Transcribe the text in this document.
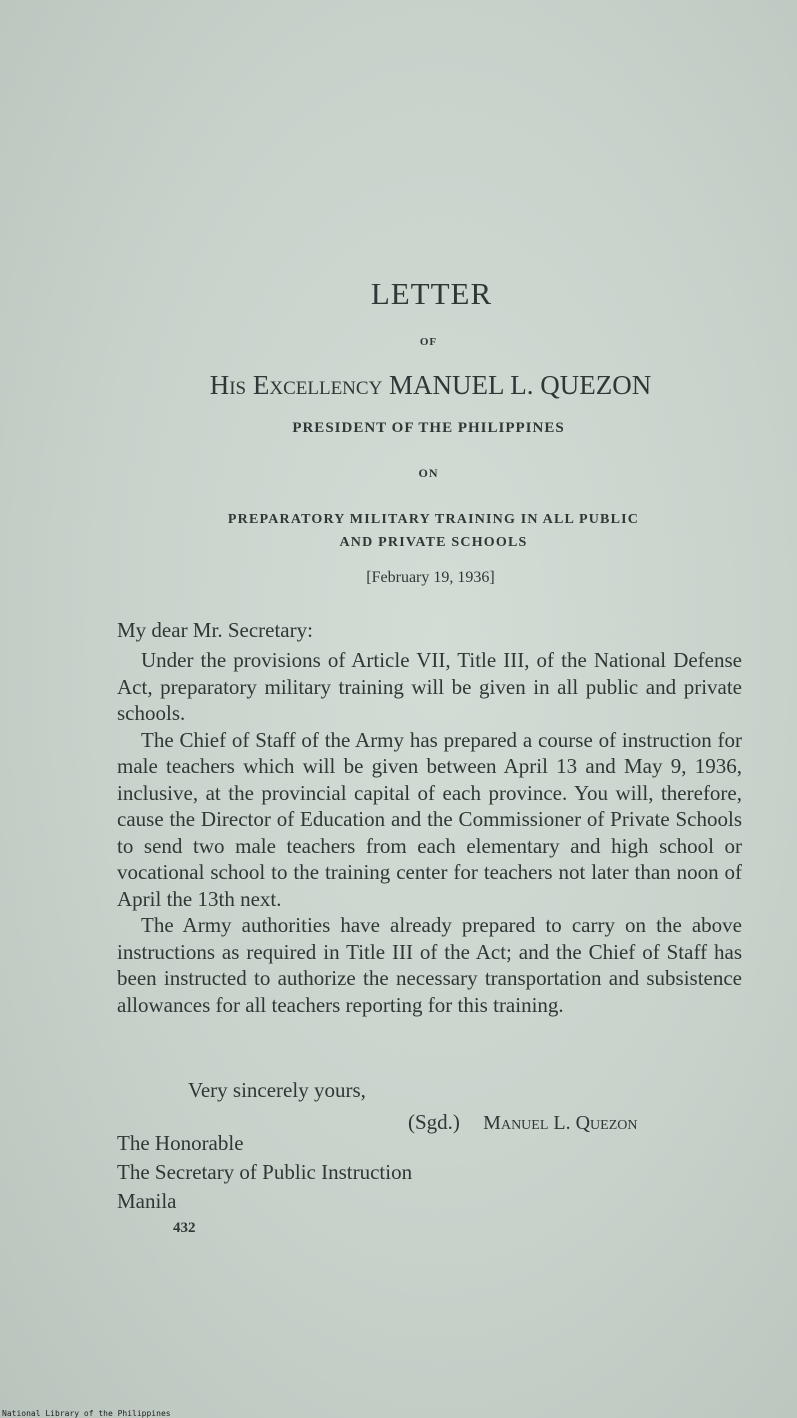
LETTER
OF
His Excellency MANUEL L. QUEZON
PRESIDENT OF THE PHILIPPINES
ON
PREPARATORY MILITARY TRAINING IN ALL PUBLIC
AND PRIVATE SCHOOLS
[February 19, 1936]

My dear Mr. Secretary:

Under the provisions of Article VII, Title III, of the National Defense Act, preparatory military training will be given in all public and private schools.

The Chief of Staff of the Army has prepared a course of instruction for male teachers which will be given between April 13 and May 9, 1936, inclusive, at the provincial capital of each province. You will, therefore, cause the Director of Education and the Commissioner of Private Schools to send two male teachers from each elementary and high school or vocational school to the training center for teachers not later than noon of April the 13th next.

The Army authorities have already prepared to carry on the above instructions as required in Title III of the Act; and the Chief of Staff has been instructed to authorize the necessary transportation and subsistence allowances for all teachers reporting for this training.

Very sincerely yours,

(Sgd.) Manuel L. Quezon

The Honorable
The Secretary of Public Instruction
Manila

432

National Library of the Philippines
